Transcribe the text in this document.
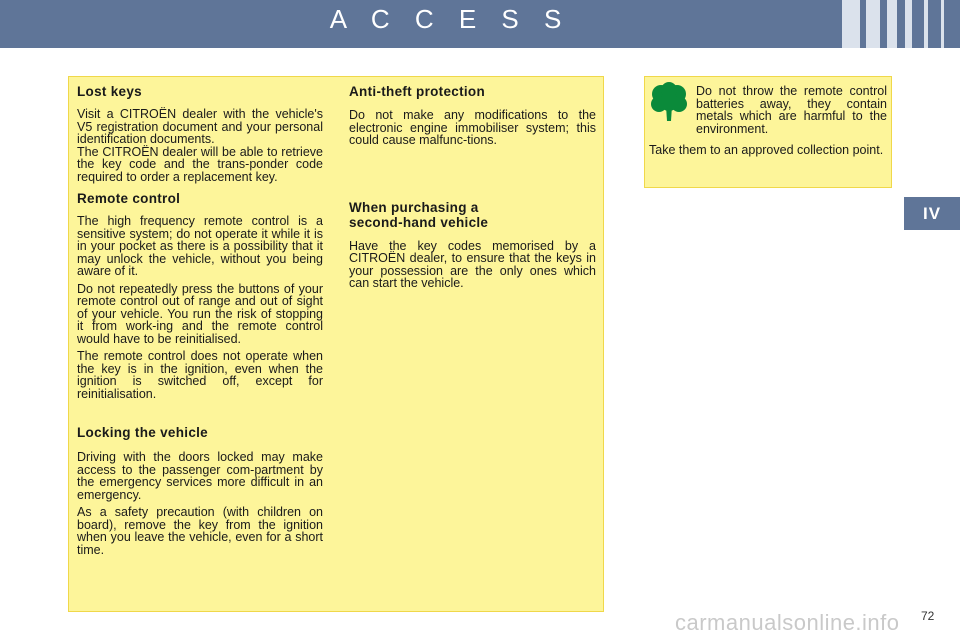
A C C E S S
IV
Lost keys

Visit a CITROËN dealer with the vehicle's V5 registration document and your personal identification documents.

The CITROËN dealer will be able to retrieve the key code and the trans-ponder code required to order a replacement key.

Remote control

The high frequency remote control is a sensitive system; do not operate it while it is in your pocket as there is a possibility that it may unlock the vehicle, without you being aware of it.

Do not repeatedly press the buttons of your remote control out of range and out of sight of your vehicle. You run the risk of stopping it from work-ing and the remote control would have to be reinitialised.

The remote control does not operate when the key is in the ignition, even when the ignition is switched off, except for reinitialisation.

Locking the vehicle

Driving with the doors locked may make access to the passenger com-partment by the emergency services more difficult in an emergency.

As a safety precaution (with children on board), remove the key from the ignition when you leave the vehicle, even for a short time.

Anti-theft protection

Do not make any modifications to the electronic engine immobiliser system; this could cause malfunc-tions.

When purchasing a second-hand vehicle

Have the key codes memorised by a CITROËN dealer, to ensure that the keys in your possession are the only ones which can start the vehicle.

Do not throw the remote control batteries away, they contain metals which are harmful to the environment.

Take them to an approved collection point.

carmanualsonline.info 72
